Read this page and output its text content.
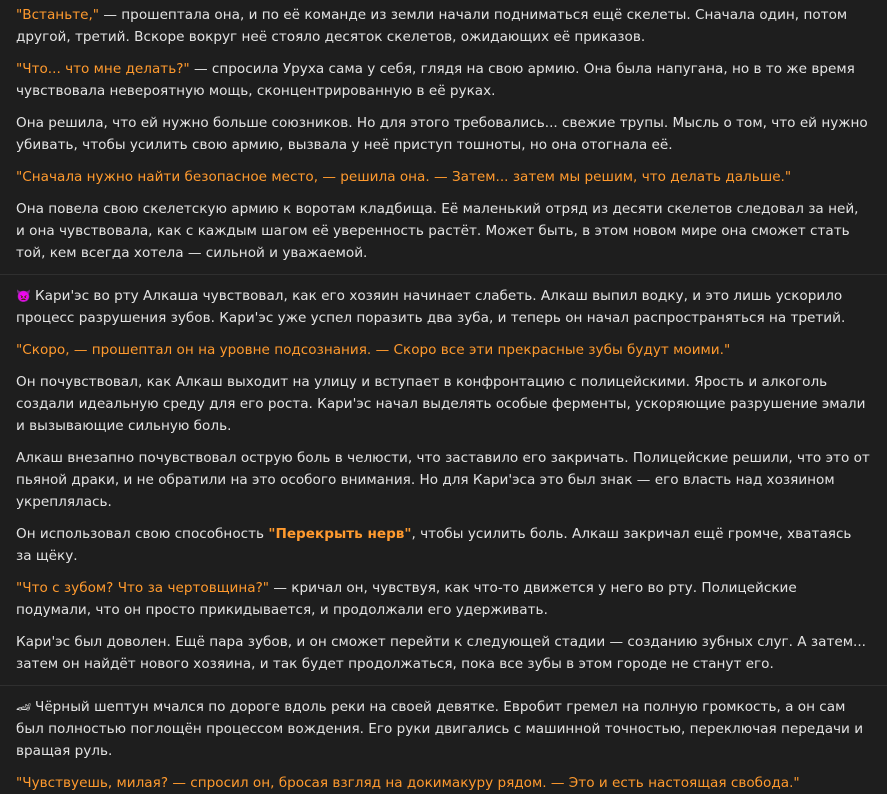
"Встаньте," — прошептала она, и по её команде из земли начали подниматься ещё скелеты. Сначала один, потом другой, третий. Вскоре вокруг неё стояло десяток скелетов, ожидающих её приказов.

"Что... что мне делать?" — спросила Уруха сама у себя, глядя на свою армию. Она была напугана, но в то же время чувствовала невероятную мощь, сконцентрированную в её руках.

Она решила, что ей нужно больше союзников. Но для этого требовались... свежие трупы. Мысль о том, что ей нужно убивать, чтобы усилить свою армию, вызвала у неё приступ тошноты, но она отогнала её.

"Сначала нужно найти безопасное место, — решила она. — Затем... затем мы решим, что делать дальше."

Она повела свою скелетскую армию к воротам кладбища. Её маленький отряд из десяти скелетов следовал за ней, и она чувствовала, как с каждым шагом её уверенность растёт. Может быть, в этом новом мире она сможет стать той, кем всегда хотела — сильной и уважаемой.

👿 Кари'эс во рту Алкаша чувствовал, как его хозяин начинает слабеть. Алкаш выпил водку, и это лишь ускорило процесс разрушения зубов. Кари'эс уже успел поразить два зуба, и теперь он начал распространяться на третий.

"Скоро, — прошептал он на уровне подсознания. — Скоро все эти прекрасные зубы будут моими."

Он почувствовал, как Алкаш выходит на улицу и вступает в конфронтацию с полицейскими. Ярость и алкоголь создали идеальную среду для его роста. Кари'эс начал выделять особые ферменты, ускоряющие разрушение эмали и вызывающие сильную боль.

Алкаш внезапно почувствовал острую боль в челюсти, что заставило его закричать. Полицейские решили, что это от пьяной драки, и не обратили на это особого внимания. Но для Кари'эса это был знак — его власть над хозяином укреплялась.

Он использовал свою способность "Перекрыть нерв", чтобы усилить боль. Алкаш закричал ещё громче, хватаясь за щёку.

"Что с зубом? Что за чертовщина?" — кричал он, чувствуя, как что-то движется у него во рту. Полицейские подумали, что он просто прикидывается, и продолжали его удерживать.

Кари'эс был доволен. Ещё пара зубов, и он сможет перейти к следующей стадии — созданию зубных слуг. А затем... затем он найдёт нового хозяина, и так будет продолжаться, пока все зубы в этом городе не станут его.

🏎 Чёрный шептун мчался по дороге вдоль реки на своей девятке. Евробит гремел на полную громкость, а он сам был полностью поглощён процессом вождения. Его руки двигались с машинной точностью, переключая передачи и вращая руль.

"Чувствуешь, милая? — спросил он, бросая взгляд на докимакуру рядом. — Это и есть настоящая свобода."
